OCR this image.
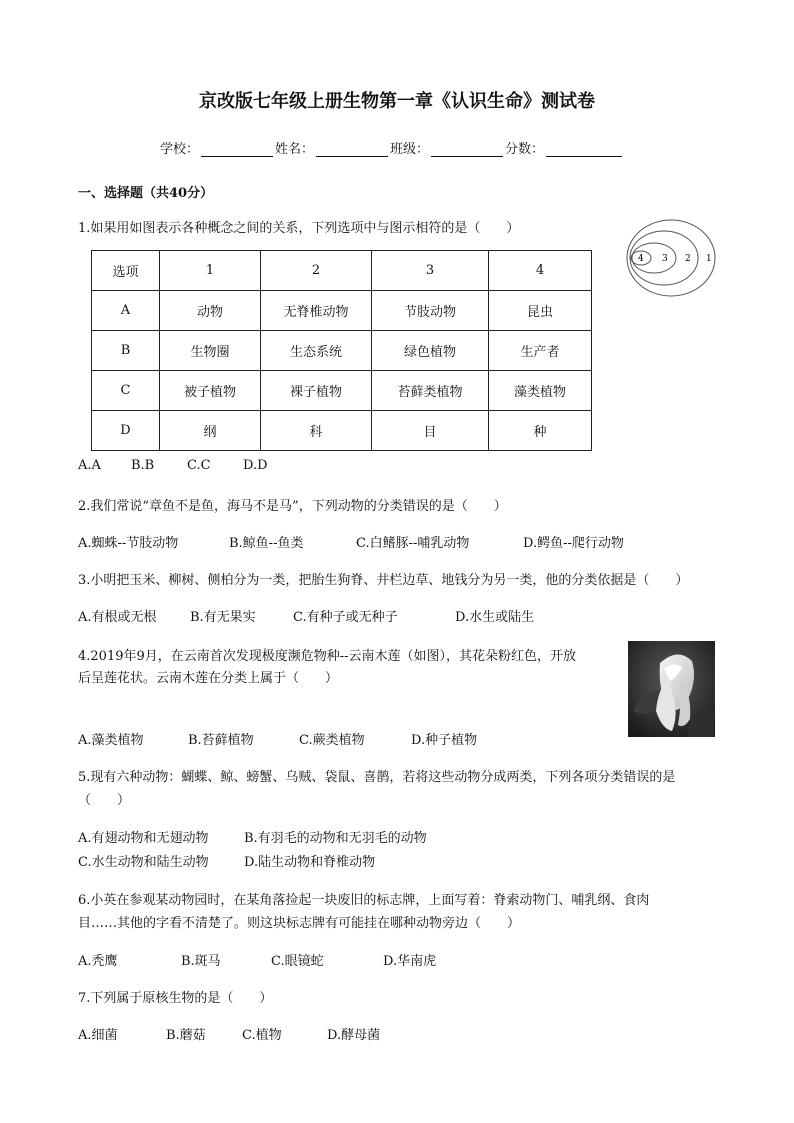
京改版七年级上册生物第一章《认识生命》测试卷
学校：	姓名：	班级：	分数：
一、选择题（共40分）
1.如果用如图表示各种概念之间的关系，下列选项中与图示相符的是（　　）
4 3 2 1
选项	1	2	3	4
A	动物	无脊椎动物	节肢动物	昆虫
B	生物圈	生态系统	绿色植物	生产者
C	被子植物	裸子植物	苔藓类植物	藻类植物
D	纲	科	目	种
A.A B.B	C.C D.D
2.我们常说“章鱼不是鱼，海马不是马”，下列动物的分类错误的是（　　）
A.蜘蛛--节肢动物	B.鲸鱼--鱼类	C.白鳍豚--哺乳动物	D.鳄鱼--爬行动物
3.小明把玉米、柳树、侧柏分为一类，把胎生狗脊、井栏边草、地钱分为另一类，他的分类依据是（　　）
A.有根或无根	B.有无果实	C.有种子或无种子	D.水生或陆生
4.2019年9月，在云南首次发现极度濒危物种--云南木莲（如图），其花朵粉红色，开放
后呈莲花状。云南木莲在分类上属于（　　）
A.藻类植物	B.苔藓植物	C.蕨类植物	D.种子植物
5.现有六种动物：蝴蝶、鲸、螃蟹、乌贼、袋鼠、喜鹊，若将这些动物分成两类，下列各项分类错误的是
（　　）
A.有翅动物和无翅动物	B.有羽毛的动物和无羽毛的动物
C.水生动物和陆生动物	D.陆生动物和脊椎动物
6.小英在参观某动物园时，在某角落捡起一块废旧的标志牌，上面写着：脊索动物门、哺乳纲、食肉
目……其他的字看不清楚了。则这块标志牌有可能挂在哪种动物旁边（　　）
A.秃鹰	B.斑马	C.眼镜蛇	D.华南虎
7.下列属于原核生物的是（　　）
A.细菌	B.蘑菇	C.植物	D.酵母菌
